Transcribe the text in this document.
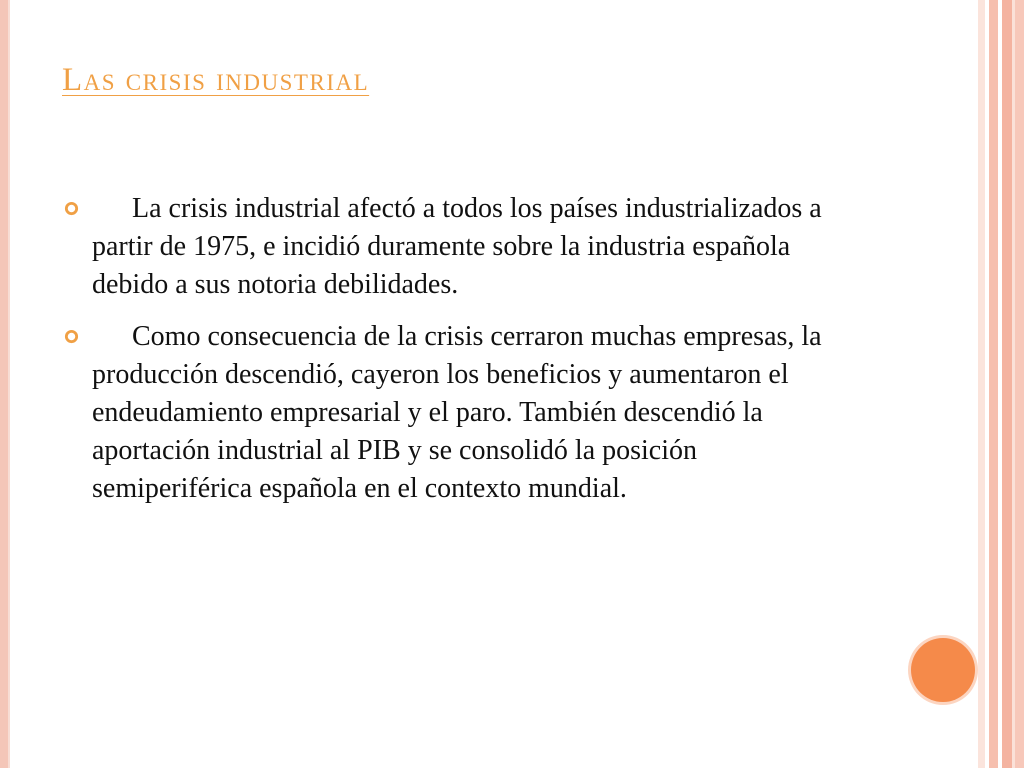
Las crisis industrial
La crisis industrial afectó a todos los países industrializados a partir de 1975, e incidió duramente sobre la industria española debido a sus notoria debilidades.
Como consecuencia de la crisis cerraron muchas empresas, la producción descendió, cayeron los beneficios y aumentaron el endeudamiento empresarial y el paro. También descendió la aportación industrial al PIB y se consolidó la posición semiperiférica española en el contexto mundial.
